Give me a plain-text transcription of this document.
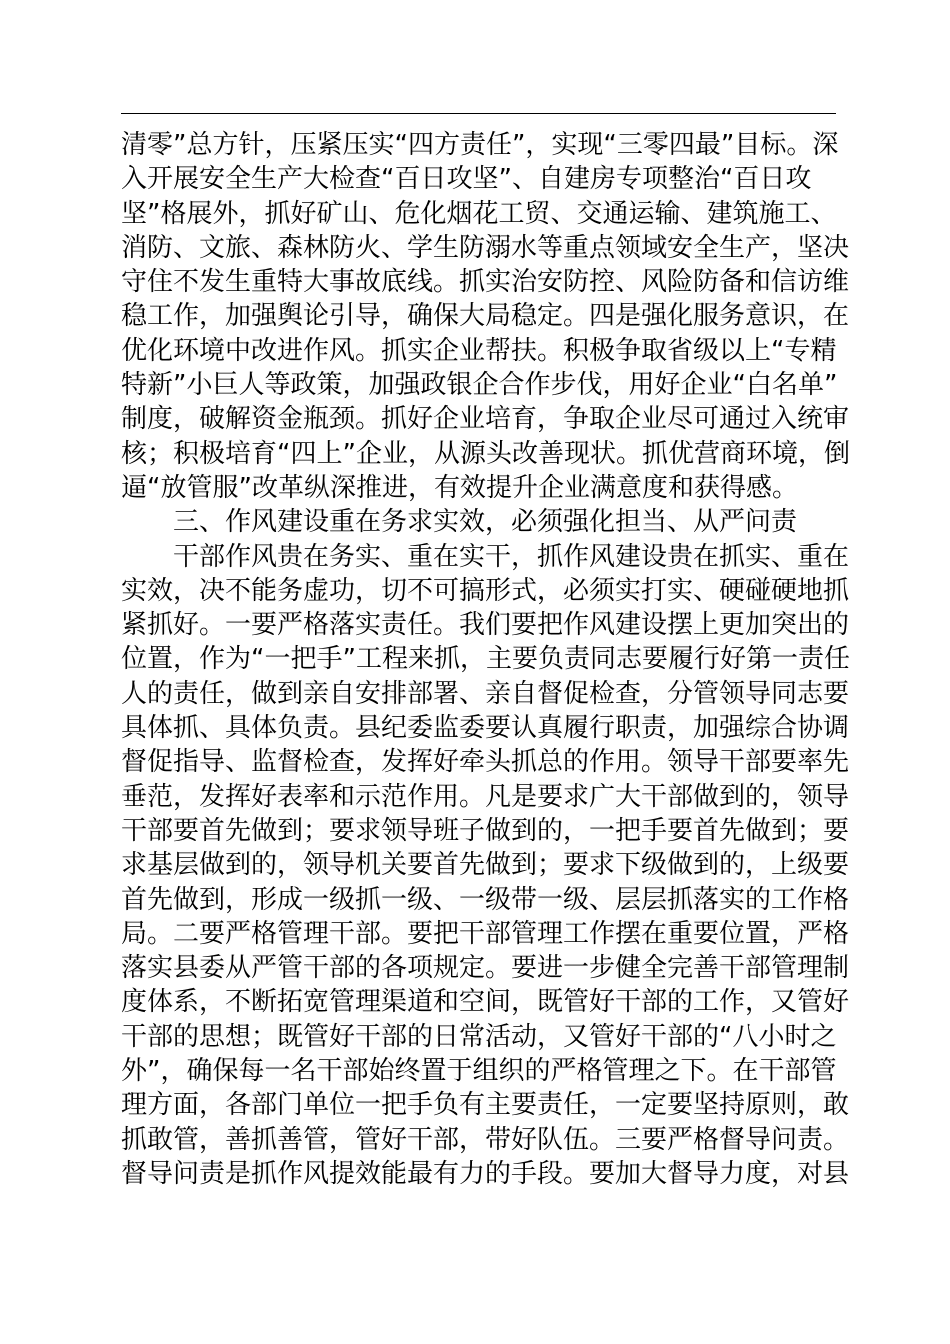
清零”总方针，压紧压实“四方责任”，实现“三零四最”目标。深
入开展安全生产大检查“百日攻坚”、自建房专项整治“百日攻
坚”格展外，抓好矿山、危化烟花工贸、交通运输、建筑施工、
消防、文旅、森林防火、学生防溺水等重点领域安全生产，坚决
守住不发生重特大事故底线。抓实治安防控、风险防备和信访维
稳工作，加强舆论引导，确保大局稳定。四是强化服务意识，在
优化环境中改进作风。抓实企业帮扶。积极争取省级以上“专精
特新”小巨人等政策，加强政银企合作步伐，用好企业“白名单”
制度，破解资金瓶颈。抓好企业培育，争取企业尽可通过入统审
核；积极培育“四上”企业，从源头改善现状。抓优营商环境，倒
逼“放管服”改革纵深推进，有效提升企业满意度和获得感。
三、作风建设重在务求实效，必须强化担当、从严问责
干部作风贵在务实、重在实干，抓作风建设贵在抓实、重在
实效，决不能务虚功，切不可搞形式，必须实打实、硬碰硬地抓
紧抓好。一要严格落实责任。我们要把作风建设摆上更加突出的
位置，作为“一把手”工程来抓，主要负责同志要履行好第一责任
人的责任，做到亲自安排部署、亲自督促检查，分管领导同志要
具体抓、具体负责。县纪委监委要认真履行职责，加强综合协调
督促指导、监督检查，发挥好牵头抓总的作用。领导干部要率先
垂范，发挥好表率和示范作用。凡是要求广大干部做到的，领导
干部要首先做到；要求领导班子做到的，一把手要首先做到；要
求基层做到的，领导机关要首先做到；要求下级做到的，上级要
首先做到，形成一级抓一级、一级带一级、层层抓落实的工作格
局。二要严格管理干部。要把干部管理工作摆在重要位置，严格
落实县委从严管干部的各项规定。要进一步健全完善干部管理制
度体系，不断拓宽管理渠道和空间，既管好干部的工作，又管好
干部的思想；既管好干部的日常活动，又管好干部的“八小时之
外”，确保每一名干部始终置于组织的严格管理之下。在干部管
理方面，各部门单位一把手负有主要责任，一定要坚持原则，敢
抓敢管，善抓善管，管好干部，带好队伍。三要严格督导问责。
督导问责是抓作风提效能最有力的手段。要加大督导力度，对县
